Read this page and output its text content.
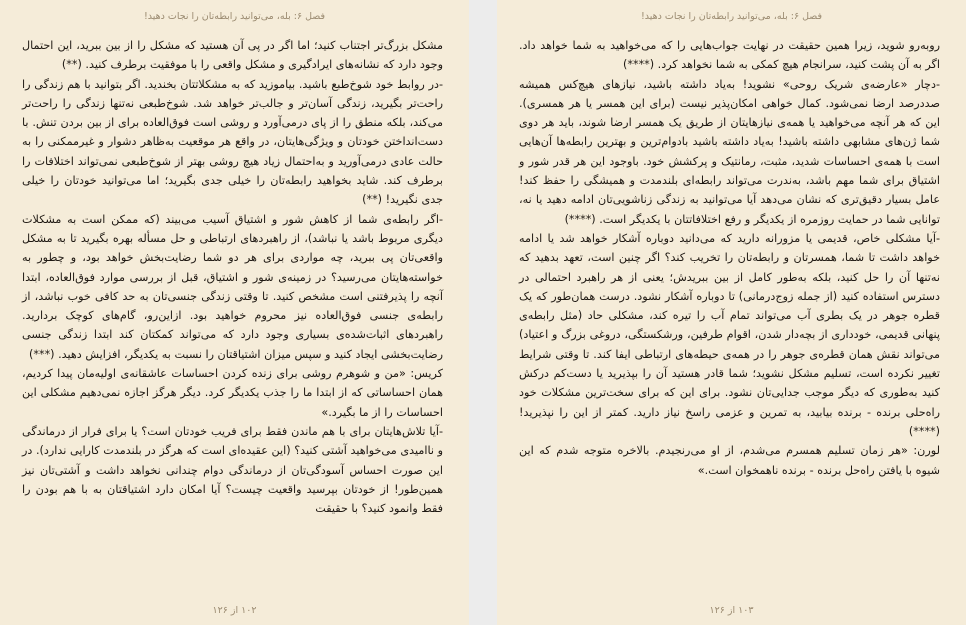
فصل ۶: بله، می‌توانید رابطه‌تان را نجات دهید!

مشکل بزرگ‌تر اجتناب کنید؛ اما اگر در پی آن هستید که مشکل را از بین ببرید، این احتمال وجود دارد که نشانه‌های ایرادگیری و مشکل واقعی را با موفقیت برطرف کنید. (**)

-در روابط خود شوخ‌طبع باشید. بیاموزید که به مشکلاتتان بخندید. اگر بتوانید با هم زندگی را راحت‌تر بگیرید، زندگی آسان‌تر و جالب‌تر خواهد شد. شوخ‌طبعی نه‌تنها زندگی را راحت‌تر می‌کند، بلکه منطق را از پای درمی‌آورد و روشی است فوق‌العاده برای از بین بردن تنش. با دست‌انداختن خودتان و ویژگی‌هایتان، در واقع هر موقعیت به‌ظاهر دشوار و غیرممکنی را به حالت عادی درمی‌آورید و به‌احتمال زیاد هیچ روشی بهتر از شوخ‌طبعی نمی‌تواند اختلافات را برطرف کند. شاید بخواهید رابطه‌تان را خیلی جدی بگیرید؛ اما می‌توانید خودتان را خیلی جدی نگیرید! (**)

-اگر رابطه‌ی شما از کاهش شور و اشتیاق آسیب می‌بیند (که ممکن است به مشکلات دیگری مربوط باشد یا نباشد)، از راهبردهای ارتباطی و حل مسأله بهره بگیرید تا به مشکل واقعی‌تان پی ببرید، چه مواردی برای هر دو شما رضایت‌بخش خواهد بود، و چطور به خواسته‌هایتان می‌رسید؟ در زمینه‌ی شور و اشتیاق، قبل از بررسی موارد فوق‌العاده، ابتدا آنچه را پذیرفتنی است مشخص کنید. تا وقتی زندگی جنسی‌تان به حد کافی خوب نباشد، از رابطه‌ی جنسی فوق‌العاده نیز محروم خواهید بود. ازاین‌رو، گام‌های کوچک بردارید. راهبردهای اثبات‌شده‌ی بسیاری وجود دارد که می‌تواند کمکتان کند ابتدا زندگی جنسی رضایت‌بخشی ایجاد کنید و سپس میزان اشتیاقتان را نسبت به یکدیگر، افزایش دهید. (***)

کریس: «من و شوهرم روشی برای زنده کردن احساسات عاشقانه‌ی اولیه‌مان پیدا کردیم، همان احساساتی که از ابتدا ما را جذب یکدیگر کرد. دیگر هرگز اجازه نمی‌دهیم مشکلی این احساسات را از ما بگیرد.»

-آیا تلاش‌هایتان برای با هم ماندن فقط برای فریب خودتان است؟ یا برای فرار از درماندگی و ناامیدی می‌خواهید آشتی کنید؟ (این عقیده‌ای است که هرگز در بلندمدت کارایی ندارد). در این صورت احساس آسودگی‌تان از درماندگی دوام چندانی نخواهد داشت و آشتی‌تان نیز همین‌طور! از خودتان بپرسید واقعیت چیست؟ آیا امکان دارد اشتیاقتان به با هم بودن را فقط وانمود کنید؟ با حقیقت

۱۰۲ از ۱۲۶
فصل ۶: بله، می‌توانید رابطه‌تان را نجات دهید!

روبه‌رو شوید، زیرا همین حقیقت در نهایت جواب‌هایی را که می‌خواهید به شما خواهد داد. اگر به آن پشت کنید، سرانجام هیچ کمکی به شما نخواهد کرد. (****)

-دچار «عارضه‌ی شریک روحی» نشوید! به‌یاد داشته باشید، نیازهای هیچ‌کس همیشه صددرصد ارضا نمی‌شود. کمال خواهی امکان‌پذیر نیست (برای این همسر یا هر همسری). این که هر آنچه می‌خواهید یا همه‌ی نیازهایتان از طریق یک همسر ارضا شوند، باید هر دوی شما ژن‌های مشابهی داشته باشید! به‌یاد داشته باشید بادوام‌ترین و بهترین رابطه‌ها آن‌هایی است با همه‌ی احساسات شدید، مثبت، رمانتیک و پرکشش خود. باوجود این هر قدر شور و اشتیاق برای شما مهم باشد، به‌ندرت می‌تواند رابطه‌ای بلندمدت و همیشگی را حفظ کند! عامل بسیار دقیق‌تری که نشان می‌دهد آیا می‌توانید به زندگی زناشویی‌تان ادامه دهید یا نه، توانایی شما در حمایت روزمره از یکدیگر و رفع اختلافاتتان با یکدیگر است. (****)

-آیا مشکلی خاص، قدیمی یا مزورانه دارید که می‌دانید دوباره آشکار خواهد شد یا ادامه خواهد داشت تا شما، همسرتان و رابطه‌تان را تخریب کند؟ اگر چنین است، تعهد بدهید که نه‌تنها آن را حل کنید، بلکه به‌طور کامل از بین ببریدش؛ یعنی از هر راهبرد احتمالی در دسترس استفاده کنید (از جمله زوج‌درمانی) تا دوباره آشکار نشود. درست همان‌طور که یک قطره جوهر در یک بطری آب می‌تواند تمام آب را تیره کند، مشکلی حاد (مثل رابطه‌ی پنهانی قدیمی، خودداری از بچه‌دار شدن، اقوام طرفین، ورشکستگی، دروغی بزرگ و اعتیاد) می‌تواند نقش همان قطره‌ی جوهر را در همه‌ی حیطه‌های ارتباطی ایفا کند. تا وقتی شرایط تغییر نکرده است، تسلیم مشکل نشوید؛ شما قادر هستید آن را بپذیرید یا دست‌کم درکش کنید به‌طوری که دیگر موجب جدایی‌تان نشود. برای این که برای سخت‌ترین مشکلات خود راه‌حلی برنده - برنده بیابید، به تمرین و عزمی راسخ نیاز دارید. کمتر از این را نپذیرید! (****)

لورن: «هر زمان تسلیم همسرم می‌شدم، از او می‌رنجیدم. بالاخره متوجه شدم که این شیوه با یافتن راه‌حل برنده - برنده ناهمخوان است.»

۱۰۳ از ۱۲۶
